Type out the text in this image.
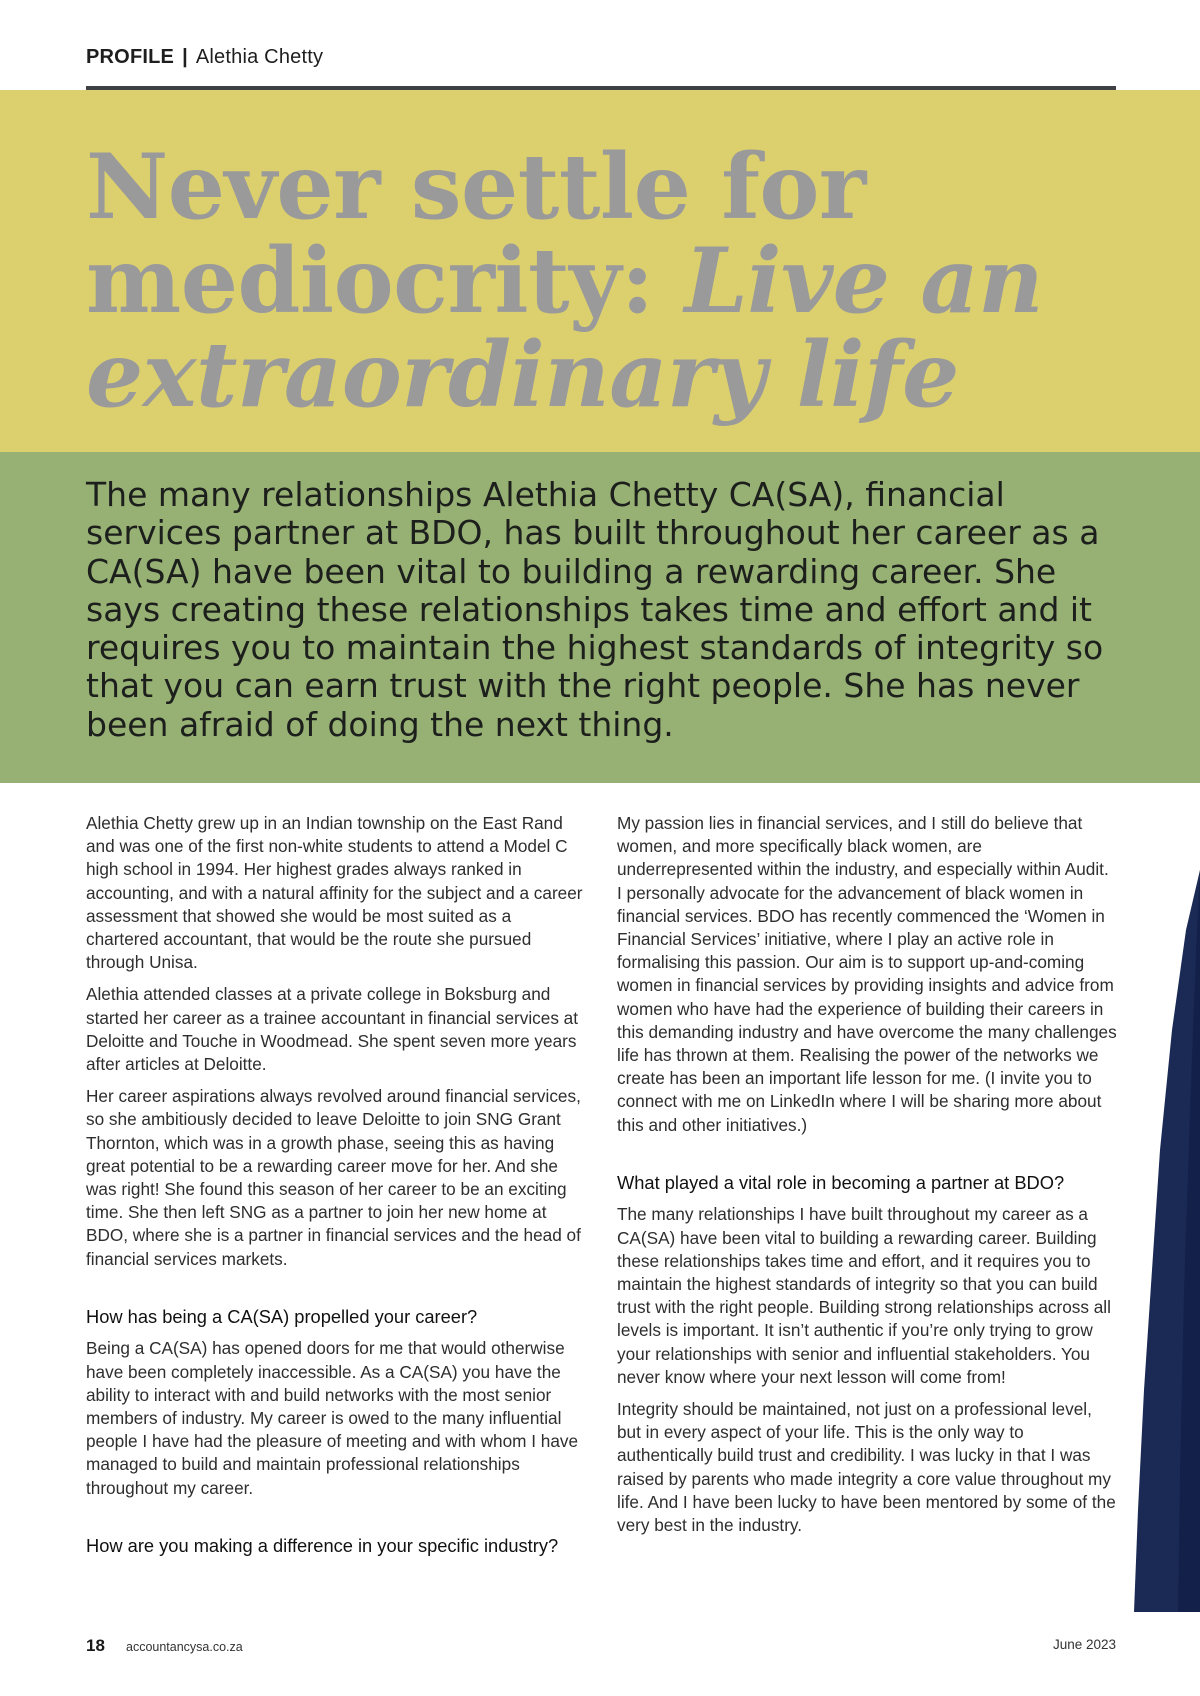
PROFILE | Alethia Chetty
Never settle for mediocrity: Live an extraordinary life

The many relationships Alethia Chetty CA(SA), financial services partner at BDO, has built throughout her career as a CA(SA) have been vital to building a rewarding career. She says creating these relationships takes time and effort and it requires you to maintain the highest standards of integrity so that you can earn trust with the right people. She has never been afraid of doing the next thing.

Alethia Chetty grew up in an Indian township on the East Rand and was one of the first non-white students to attend a Model C high school in 1994. Her highest grades always ranked in accounting, and with a natural affinity for the subject and a career assessment that showed she would be most suited as a chartered accountant, that would be the route she pursued through Unisa.

Alethia attended classes at a private college in Boksburg and started her career as a trainee accountant in financial services at Deloitte and Touche in Woodmead. She spent seven more years after articles at Deloitte.

Her career aspirations always revolved around financial services, so she ambitiously decided to leave Deloitte to join SNG Grant Thornton, which was in a growth phase, seeing this as having great potential to be a rewarding career move for her. And she was right! She found this season of her career to be an exciting time. She then left SNG as a partner to join her new home at BDO, where she is a partner in financial services and the head of financial services markets.

How has being a CA(SA) propelled your career?

Being a CA(SA) has opened doors for me that would otherwise have been completely inaccessible. As a CA(SA) you have the ability to interact with and build networks with the most senior members of industry. My career is owed to the many influential people I have had the pleasure of meeting and with whom I have managed to build and maintain professional relationships throughout my career.

How are you making a difference in your specific industry?

My passion lies in financial services, and I still do believe that women, and more specifically black women, are underrepresented within the industry, and especially within Audit. I personally advocate for the advancement of black women in financial services. BDO has recently commenced the ‘Women in Financial Services’ initiative, where I play an active role in formalising this passion. Our aim is to support up-and-coming women in financial services by providing insights and advice from women who have had the experience of building their careers in this demanding industry and have overcome the many challenges life has thrown at them. Realising the power of the networks we create has been an important life lesson for me. (I invite you to connect with me on LinkedIn where I will be sharing more about this and other initiatives.)

What played a vital role in becoming a partner at BDO?

The many relationships I have built throughout my career as a CA(SA) have been vital to building a rewarding career. Building these relationships takes time and effort, and it requires you to maintain the highest standards of integrity so that you can build trust with the right people. Building strong relationships across all levels is important. It isn’t authentic if you’re only trying to grow your relationships with senior and influential stakeholders. You never know where your next lesson will come from!

Integrity should be maintained, not just on a professional level, but in every aspect of your life. This is the only way to authentically build trust and credibility. I was lucky in that I was raised by parents who made integrity a core value throughout my life. And I have been lucky to have been mentored by some of the very best in the industry.

18 accountancysa.co.za	June 2023
